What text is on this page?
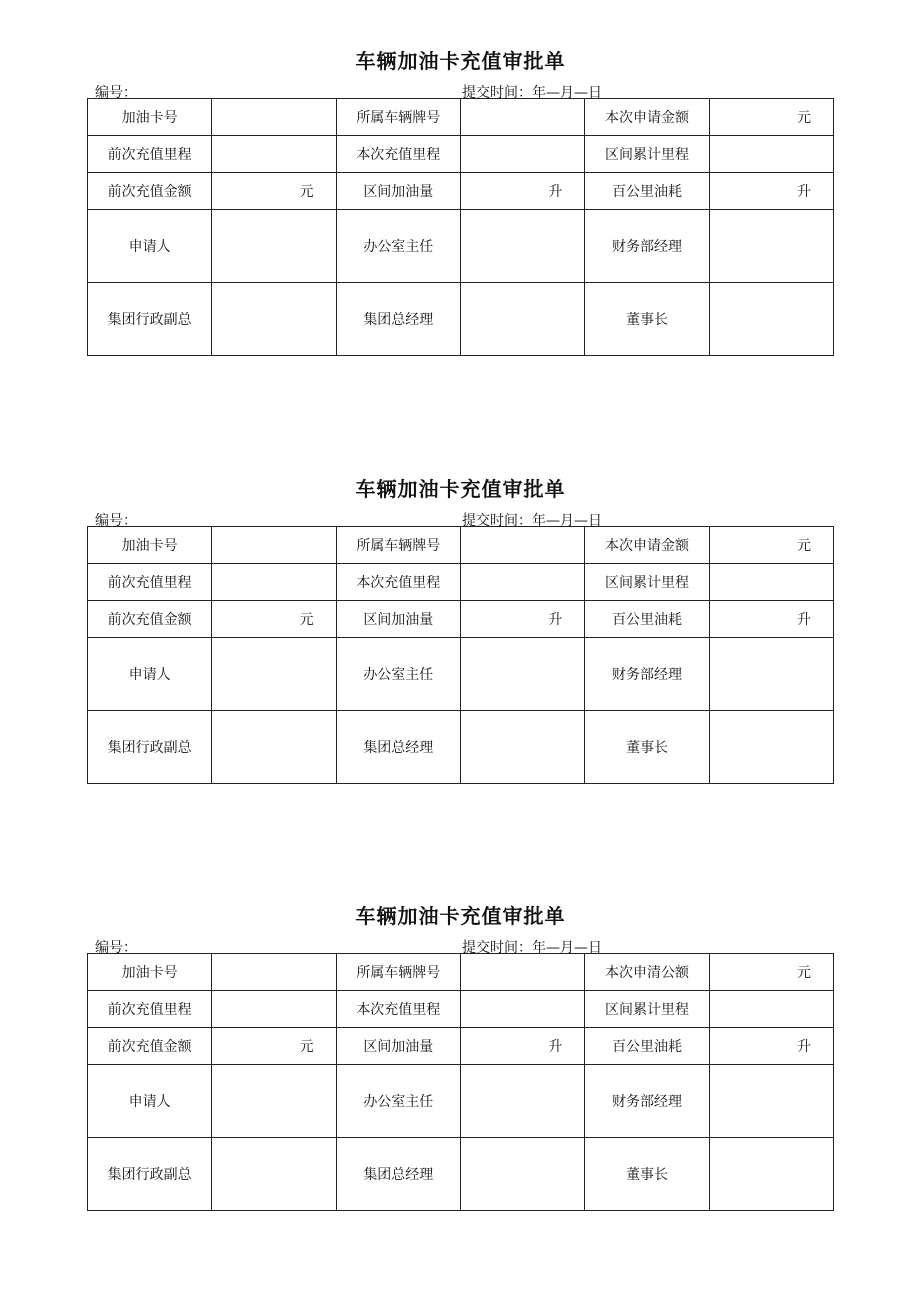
车辆加油卡充值审批单
编号：	提交时间：年—月—日
加油卡号		所属车辆牌号		本次申请金额	元
前次充值里程		本次充值里程		区间累计里程	
前次充值金额	元	区间加油量	升	百公里油耗	升
申请人		办公室主任		财务部经理	
集团行政副总		集团总经理		董事长	
车辆加油卡充值审批单
编号：	提交时间：年—月—日
加油卡号		所属车辆牌号		本次申请金额	元
前次充值里程		本次充值里程		区间累计里程	
前次充值金额	元	区间加油量	升	百公里油耗	升
申请人		办公室主任		财务部经理	
集团行政副总		集团总经理		董事长	
车辆加油卡充值审批单
编号：	提交时间：年—月—日
加油卡号		所属车辆牌号		本次申清公额	元
前次充值里程		本次充值里程		区间累计里程	
前次充值金额	元	区间加油量	升	百公里油耗	升
申请人		办公室主任		财务部经理	
集团行政副总		集团总经理		董事长	
